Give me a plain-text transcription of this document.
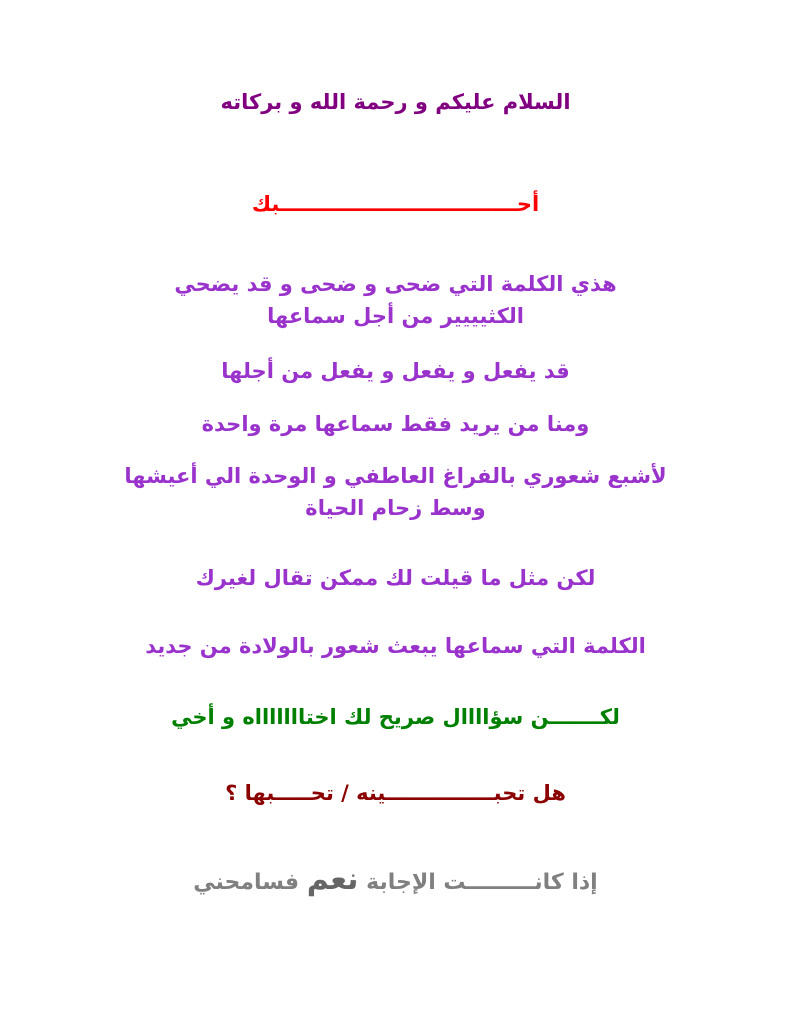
السلام عليكم و رحمة الله و بركاته
أحـــــــــــــــــــــــــــــــــبك
هذي الكلمة التي ضحى و ضحى و قد يضحي
الكثيييير من أجل سماعها
قد يفعل و يفعل و يفعل من أجلها
ومنا من يريد فقط سماعها مرة واحدة
لأشبع شعوري بالفراغ العاطفي و الوحدة الي أعيشها
وسط زحام الحياة
لكن مثل ما قيلت لك ممكن تقال لغيرك
الكلمة التي سماعها يبعث شعور بالولادة من جديد
لكـــــــن سؤاااال صريح لك اختاااااااه و أخي
هل تحبـــــــــــــــينه / تحـــــبها ؟
إذا كانـــــــــت الإجابة نعم فسامحني
